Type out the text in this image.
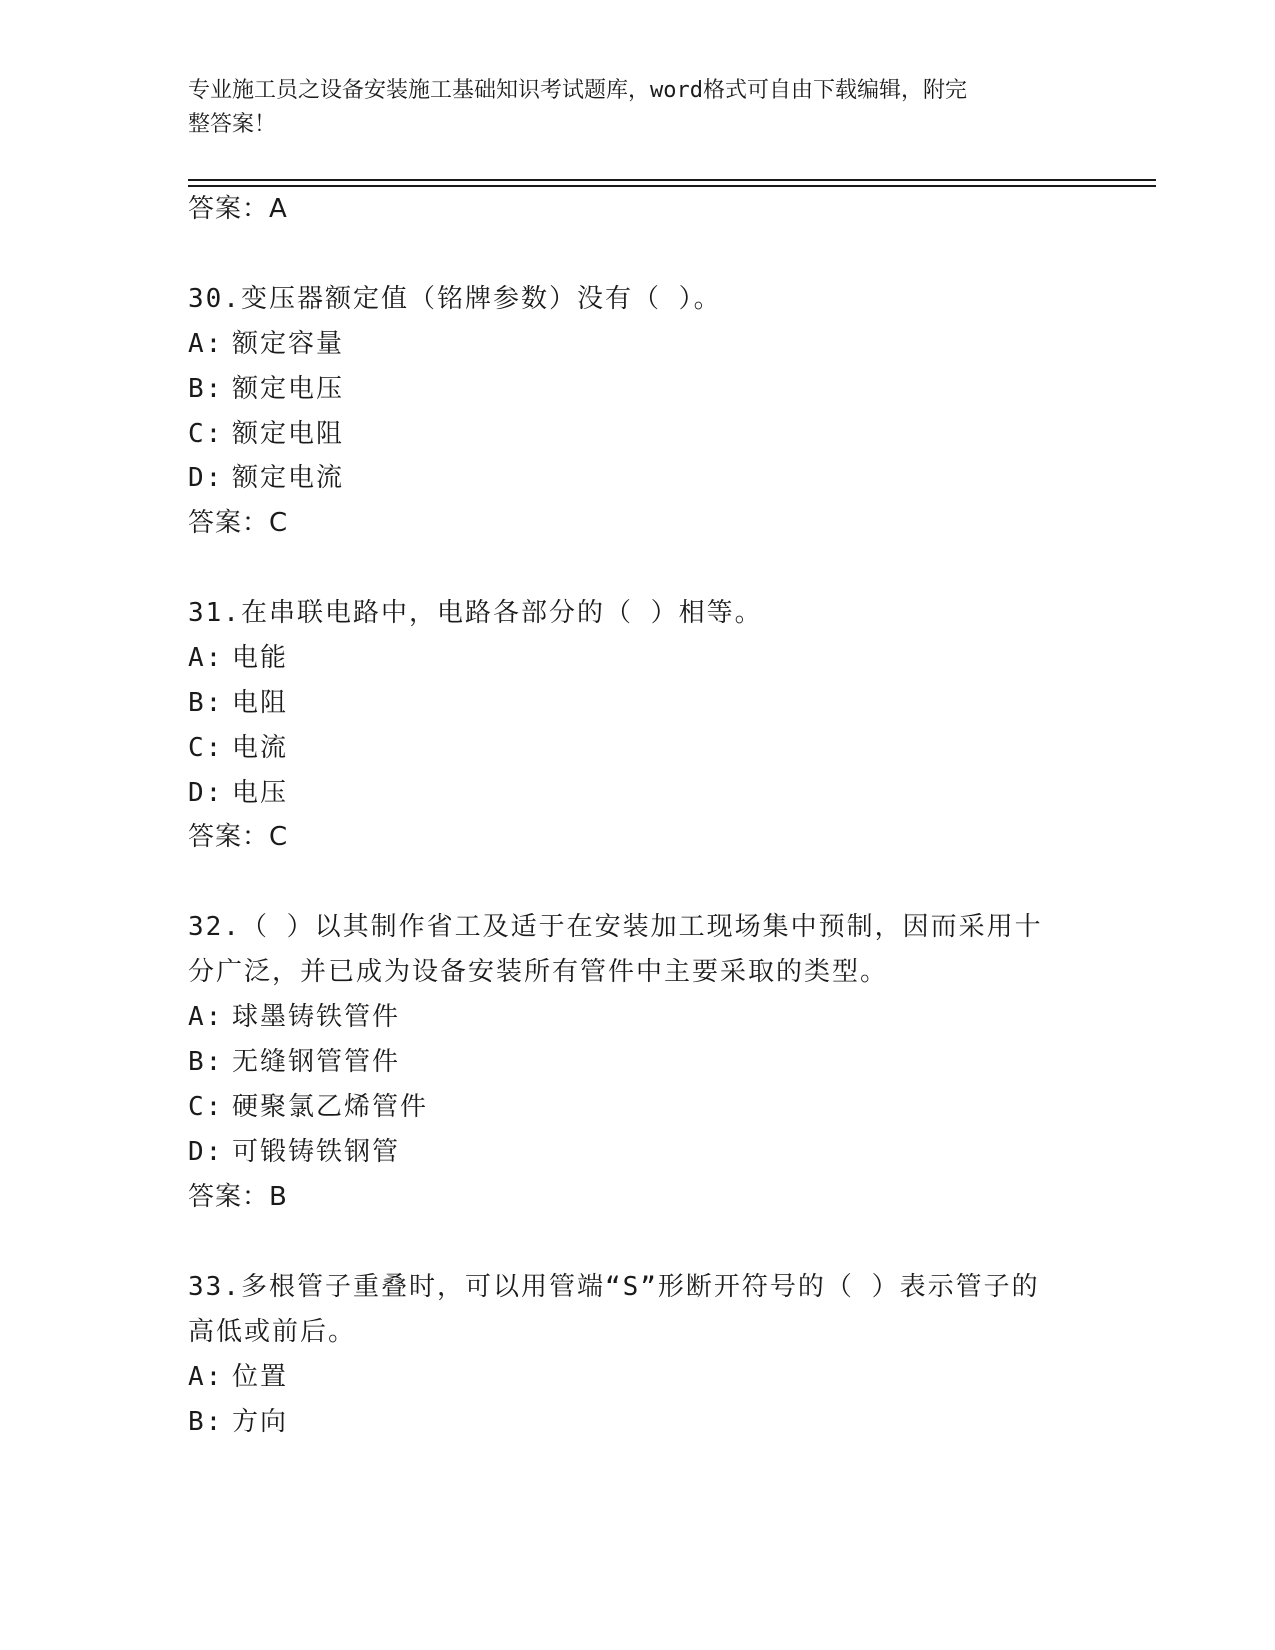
专业施工员之设备安装施工基础知识考试题库，word格式可自由下载编辑，附完
整答案！
答案：A
30.变压器额定值（铭牌参数）没有（ ）。
A: 额定容量
B: 额定电压
C: 额定电阻
D: 额定电流
答案：C
31.在串联电路中，电路各部分的（ ）相等。
A: 电能
B: 电阻
C: 电流
D: 电压
答案：C
32.（ ）以其制作省工及适于在安装加工现场集中预制，因而采用十
分广泛，并已成为设备安装所有管件中主要采取的类型。
A: 球墨铸铁管件
B: 无缝钢管管件
C: 硬聚氯乙烯管件
D: 可锻铸铁钢管
答案：B
33.多根管子重叠时，可以用管端“S”形断开符号的（ ）表示管子的
高低或前后。
A: 位置
B: 方向
